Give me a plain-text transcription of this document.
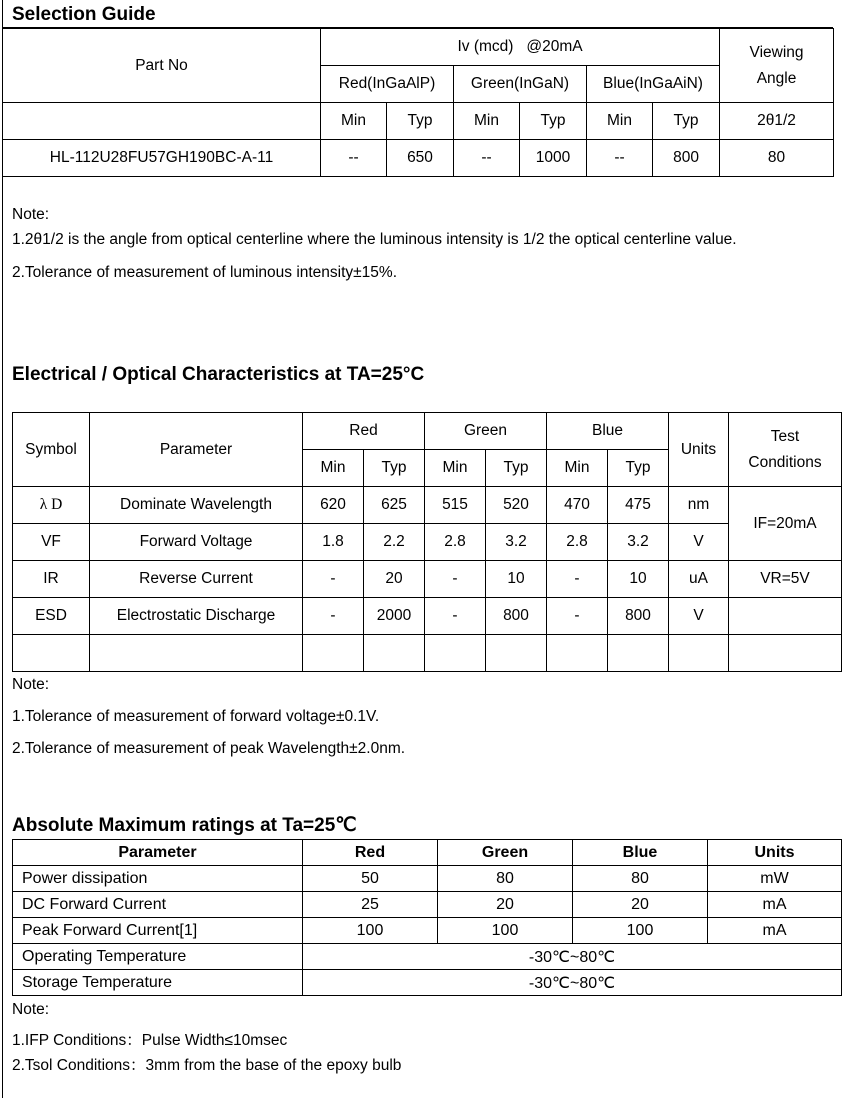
Selection Guide
Part No	Iv (mcd)   @20mA						Viewing Angle
	Red(InGaAlP)		Green(InGaN)		Blue(InGaAiN)		
	Min	Typ	Min	Typ	Min	Typ	2θ1/2
HL-112U28FU57GH190BC-A-11	--	650	--	1000	--	800	80
Note:
1.2θ1/2 is the angle from optical centerline where the luminous intensity is 1/2 the optical centerline value.
2.Tolerance of measurement of luminous intensity±15%.
Electrical / Optical Characteristics at TA=25°C
Symbol	Parameter	Red		Green		Blue		Units	Test Conditions
		Min	Typ	Min	Typ	Min	Typ		
λ D	Dominate Wavelength	620	625	515	520	470	475	nm	IF=20mA
VF	Forward Voltage	1.8	2.2	2.8	3.2	2.8	3.2	V	
IR	Reverse Current	-	20	-	10	-	10	uA	VR=5V
ESD	Electrostatic Discharge	-	2000	-	800	-	800	V	

Note:
1.Tolerance of measurement of forward voltage±0.1V.
2.Tolerance of measurement of peak Wavelength±2.0nm.
Absolute Maximum ratings at Ta=25℃
Parameter	Red	Green	Blue	Units
Power dissipation	50	80	80	mW
DC Forward Current	25	20	20	mA
Peak Forward Current[1]	100	100	100	mA
Operating Temperature	-30℃~80℃			
Storage Temperature	-30℃~80℃			
Note:
1.IFP Conditions：Pulse Width≤10msec
2.Tsol Conditions：3mm from the base of the epoxy bulb
